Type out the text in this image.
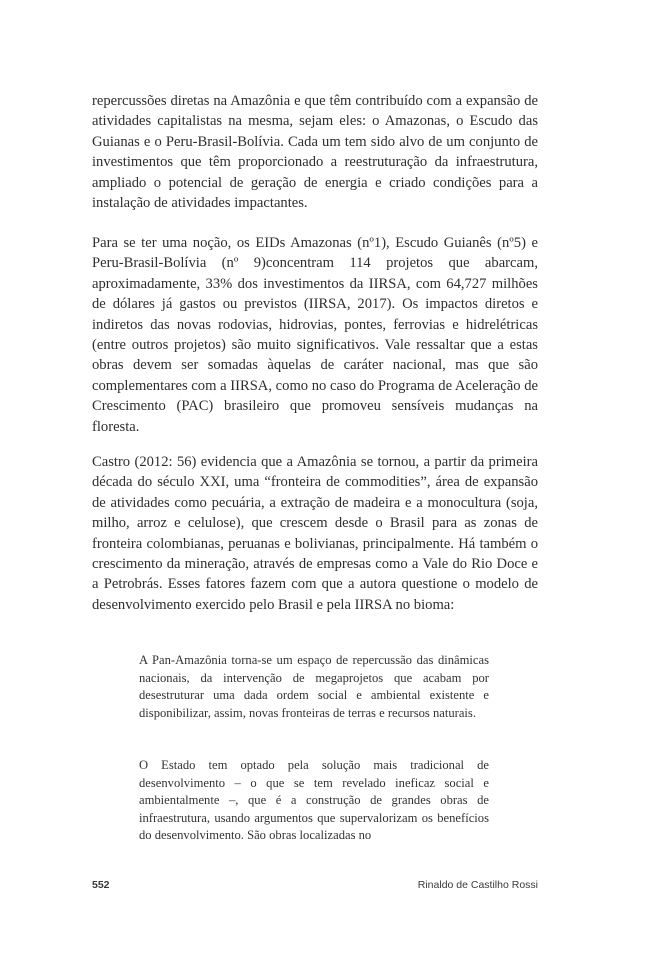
repercussões diretas na Amazônia e que têm contribuído com a expansão de atividades capitalistas na mesma, sejam eles: o Amazonas, o Escudo das Guianas e o Peru-Brasil-Bolívia. Cada um tem sido alvo de um conjunto de investimentos que têm proporcionado a reestruturação da infraestrutura, ampliado o potencial de geração de energia e criado condições para a instalação de atividades impactantes.

Para se ter uma noção, os EIDs Amazonas (nº1), Escudo Guianês (nº5) e Peru-Brasil-Bolívia (nº 9)concentram 114 projetos que abarcam, aproximadamente, 33% dos investimentos da IIRSA, com 64,727 milhões de dólares já gastos ou previstos (IIRSA, 2017). Os impactos diretos e indiretos das novas rodovias, hidrovias, pontes, ferrovias e hidrelétricas (entre outros projetos) são muito significativos. Vale ressaltar que a estas obras devem ser somadas àquelas de caráter nacional, mas que são complementares com a IIRSA, como no caso do Programa de Aceleração de Crescimento (PAC) brasileiro que promoveu sensíveis mudanças na floresta.

Castro (2012: 56) evidencia que a Amazônia se tornou, a partir da primeira década do século XXI, uma “fronteira de commodities”, área de expansão de atividades como pecuária, a extração de madeira e a monocultura (soja, milho, arroz e celulose), que crescem desde o Brasil para as zonas de fronteira colombianas, peruanas e bolivianas, principalmente. Há também o crescimento da mineração, através de empresas como a Vale do Rio Doce e a Petrobrás. Esses fatores fazem com que a autora questione o modelo de desenvolvimento exercido pelo Brasil e pela IIRSA no bioma:

A Pan-Amazônia torna-se um espaço de repercussão das dinâmicas nacionais, da intervenção de megaprojetos que acabam por desestruturar uma dada ordem social e ambiental existente e disponibilizar, assim, novas fronteiras de terras e recursos naturais.

O Estado tem optado pela solução mais tradicional de desenvolvimento – o que se tem revelado ineficaz social e ambientalmente –, que é a construção de grandes obras de infraestrutura, usando argumentos que supervalorizam os benefícios do desenvolvimento. São obras localizadas no

552	Rinaldo de Castilho Rossi
